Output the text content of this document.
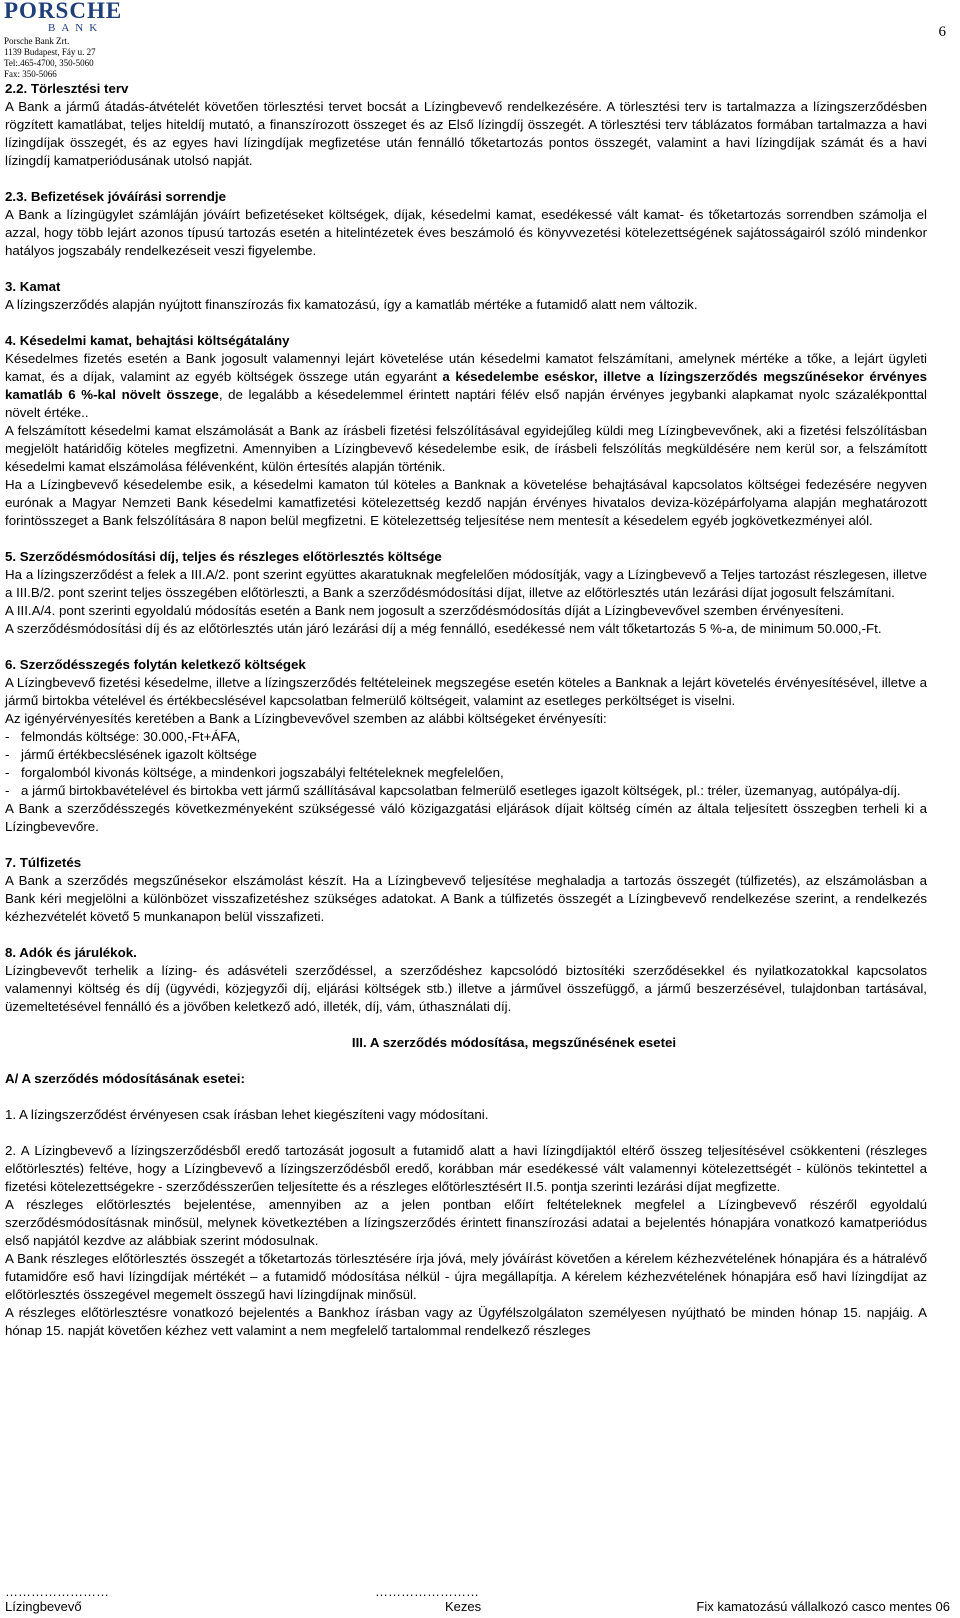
PORSCHE
BANK
Porsche Bank Zrt.
1139 Budapest, Fáy u. 27
Tel:.465-4700, 350-5060
Fax: 350-5066
6

2.2. Törlesztési terv

A Bank a jármű átadás-átvételét követően törlesztési tervet bocsát a Lízingbevevő rendelkezésére. A törlesztési terv is tartalmazza a lízingszerződésben rögzített kamatlábat, teljes hiteldíj mutató, a finanszírozott összeget és az Első lízingdíj összegét. A törlesztési terv táblázatos formában tartalmazza a havi lízingdíjak összegét, és az egyes havi lízingdíjak megfizetése után fennálló tőketartozás pontos összegét, valamint a havi lízingdíjak számát és a havi lízingdíj kamatperiódusának utolsó napját.

2.3. Befizetések jóváírási sorrendje

A Bank a lízingügylet számláján jóváírt befizetéseket költségek, díjak, késedelmi kamat, esedékessé vált kamat- és tőketartozás sorrendben számolja el azzal, hogy több lejárt azonos típusú tartozás esetén a hitelintézetek éves beszámoló és könyvvezetési kötelezettségének sajátosságairól szóló mindenkor hatályos jogszabály rendelkezéseit veszi figyelembe.

3. Kamat

A lízingszerződés alapján nyújtott finanszírozás fix kamatozású, így a kamatláb mértéke a futamidő alatt nem változik.

4. Késedelmi kamat, behajtási költségátalány

Késedelmes fizetés esetén a Bank jogosult valamennyi lejárt követelése után késedelmi kamatot felszámítani, amelynek mértéke a tőke, a lejárt ügyleti kamat, és a díjak, valamint az egyéb költségek összege után egyaránt a késedelembe eséskor, illetve a lízingszerződés megszűnésekor érvényes kamatláb 6 %-kal növelt összege, de legalább a késedelemmel érintett naptári félév első napján érvényes jegybanki alapkamat nyolc százalékponttal növelt értéke..

A felszámított késedelmi kamat elszámolását a Bank az írásbeli fizetési felszólításával egyidejűleg küldi meg Lízingbevevőnek, aki a fizetési felszólításban megjelölt határidőig köteles megfizetni. Amennyiben a Lízingbevevő késedelembe esik, de írásbeli felszólítás megküldésére nem kerül sor, a felszámított késedelmi kamat elszámolása félévenként, külön értesítés alapján történik.

Ha a Lízingbevevő késedelembe esik, a késedelmi kamaton túl köteles a Banknak a követelése behajtásával kapcsolatos költségei fedezésére negyven eurónak a Magyar Nemzeti Bank késedelmi kamatfizetési kötelezettség kezdő napján érvényes hivatalos deviza-középárfolyama alapján meghatározott forintösszeget a Bank felszólítására 8 napon belül megfizetni. E kötelezettség teljesítése nem mentesít a késedelem egyéb jogkövetkezményei alól.

5. Szerződésmódosítási díj, teljes és részleges előtörlesztés költsége

Ha a lízingszerződést a felek a III.A/2. pont szerint együttes akaratuknak megfelelően módosítják, vagy a Lízingbevevő a Teljes tartozást részlegesen, illetve a III.B/2. pont szerint teljes összegében előtörleszti, a Bank a szerződésmódosítási díjat, illetve az előtörlesztés után lezárási díjat jogosult felszámítani.

A III.A/4. pont szerinti egyoldalú módosítás esetén a Bank nem jogosult a szerződésmódosítás díját a Lízingbevevővel szemben érvényesíteni.

A szerződésmódosítási díj és az előtörlesztés után járó lezárási díj a még fennálló, esedékessé nem vált tőketartozás 5 %-a, de minimum 50.000,-Ft.

6. Szerződésszegés folytán keletkező költségek

A Lízingbevevő fizetési késedelme, illetve a lízingszerződés feltételeinek megszegése esetén köteles a Banknak a lejárt követelés érvényesítésével, illetve a jármű birtokba vételével és értékbecslésével kapcsolatban felmerülő költségeit, valamint az esetleges perköltséget is viselni.

Az igényérvényesítés keretében a Bank a Lízingbevevővel szemben az alábbi költségeket érvényesíti:

- felmondás költsége: 30.000,-Ft+ÁFA,
- jármű értékbecslésének igazolt költsége
- forgalomból kivonás költsége, a mindenkori jogszabályi feltételeknek megfelelően,
- a jármű birtokbavételével és birtokba vett jármű szállításával kapcsolatban felmerülő esetleges igazolt költségek, pl.: tréler, üzemanyag, autópálya-díj.

A Bank a szerződésszegés következményeként szükségessé váló közigazgatási eljárások díjait költség címén az általa teljesített összegben terheli ki a Lízingbevevőre.

7. Túlfizetés

A Bank a szerződés megszűnésekor elszámolást készít. Ha a Lízingbevevő teljesítése meghaladja a tartozás összegét (túlfizetés), az elszámolásban a Bank kéri megjelölni a különbözet visszafizetéshez szükséges adatokat. A Bank a túlfizetés összegét a Lízingbevevő rendelkezése szerint, a rendelkezés kézhezvételét követő 5 munkanapon belül visszafizeti.

8. Adók és járulékok.

Lízingbevevőt terhelik a lízing- és adásvételi szerződéssel, a szerződéshez kapcsolódó biztosítéki szerződésekkel és nyilatkozatokkal kapcsolatos valamennyi költség és díj (ügyvédi, közjegyzői díj, eljárási költségek stb.) illetve a járművel összefüggő, a jármű beszerzésével, tulajdonban tartásával, üzemeltetésével fennálló és a jövőben keletkező adó, illeték, díj, vám, úthasználati díj.

III. A szerződés módosítása, megszűnésének esetei

A/ A szerződés módosításának esetei:

1. A lízingszerződést érvényesen csak írásban lehet kiegészíteni vagy módosítani.

2. A Lízingbevevő a lízingszerződésből eredő tartozását jogosult a futamidő alatt a havi lízingdíjaktól eltérő összeg teljesítésével csökkenteni (részleges előtörlesztés) feltéve, hogy a Lízingbevevő a lízingszerződésből eredő, korábban már esedékessé vált valamennyi kötelezettségét - különös tekintettel a fizetési kötelezettségekre - szerződésszerűen teljesítette és a részleges előtörlesztésért II.5. pontja szerinti lezárási díjat megfizette.

A részleges előtörlesztés bejelentése, amennyiben az a jelen pontban előírt feltételeknek megfelel a Lízingbevevő részéről egyoldalú szerződésmódosításnak minősül, melynek következtében a lízingszerződés érintett finanszírozási adatai a bejelentés hónapjára vonatkozó kamatperiódus első napjától kezdve az alábbiak szerint módosulnak.

A Bank részleges előtörlesztés összegét a tőketartozás törlesztésére írja jóvá, mely jóváírást követően a kérelem kézhezvételének hónapjára és a hátralévő futamidőre eső havi lízingdíjak mértékét – a futamidő módosítása nélkül - újra megállapítja. A kérelem kézhezvételének hónapjára eső havi lízingdíjat az előtörlesztés összegével megemelt összegű havi lízingdíjnak minősül.

A részleges előtörlesztésre vonatkozó bejelentés a Bankhoz írásban vagy az Ügyfélszolgálaton személyesen nyújtható be minden hónap 15. napjáig. A hónap 15. napját követően kézhez vett valamint a nem megfelelő tartalommal rendelkező részleges

……………………	……………………
Lízingbevevő	Kezes	Fix kamatozású vállalkozó casco mentes 06
